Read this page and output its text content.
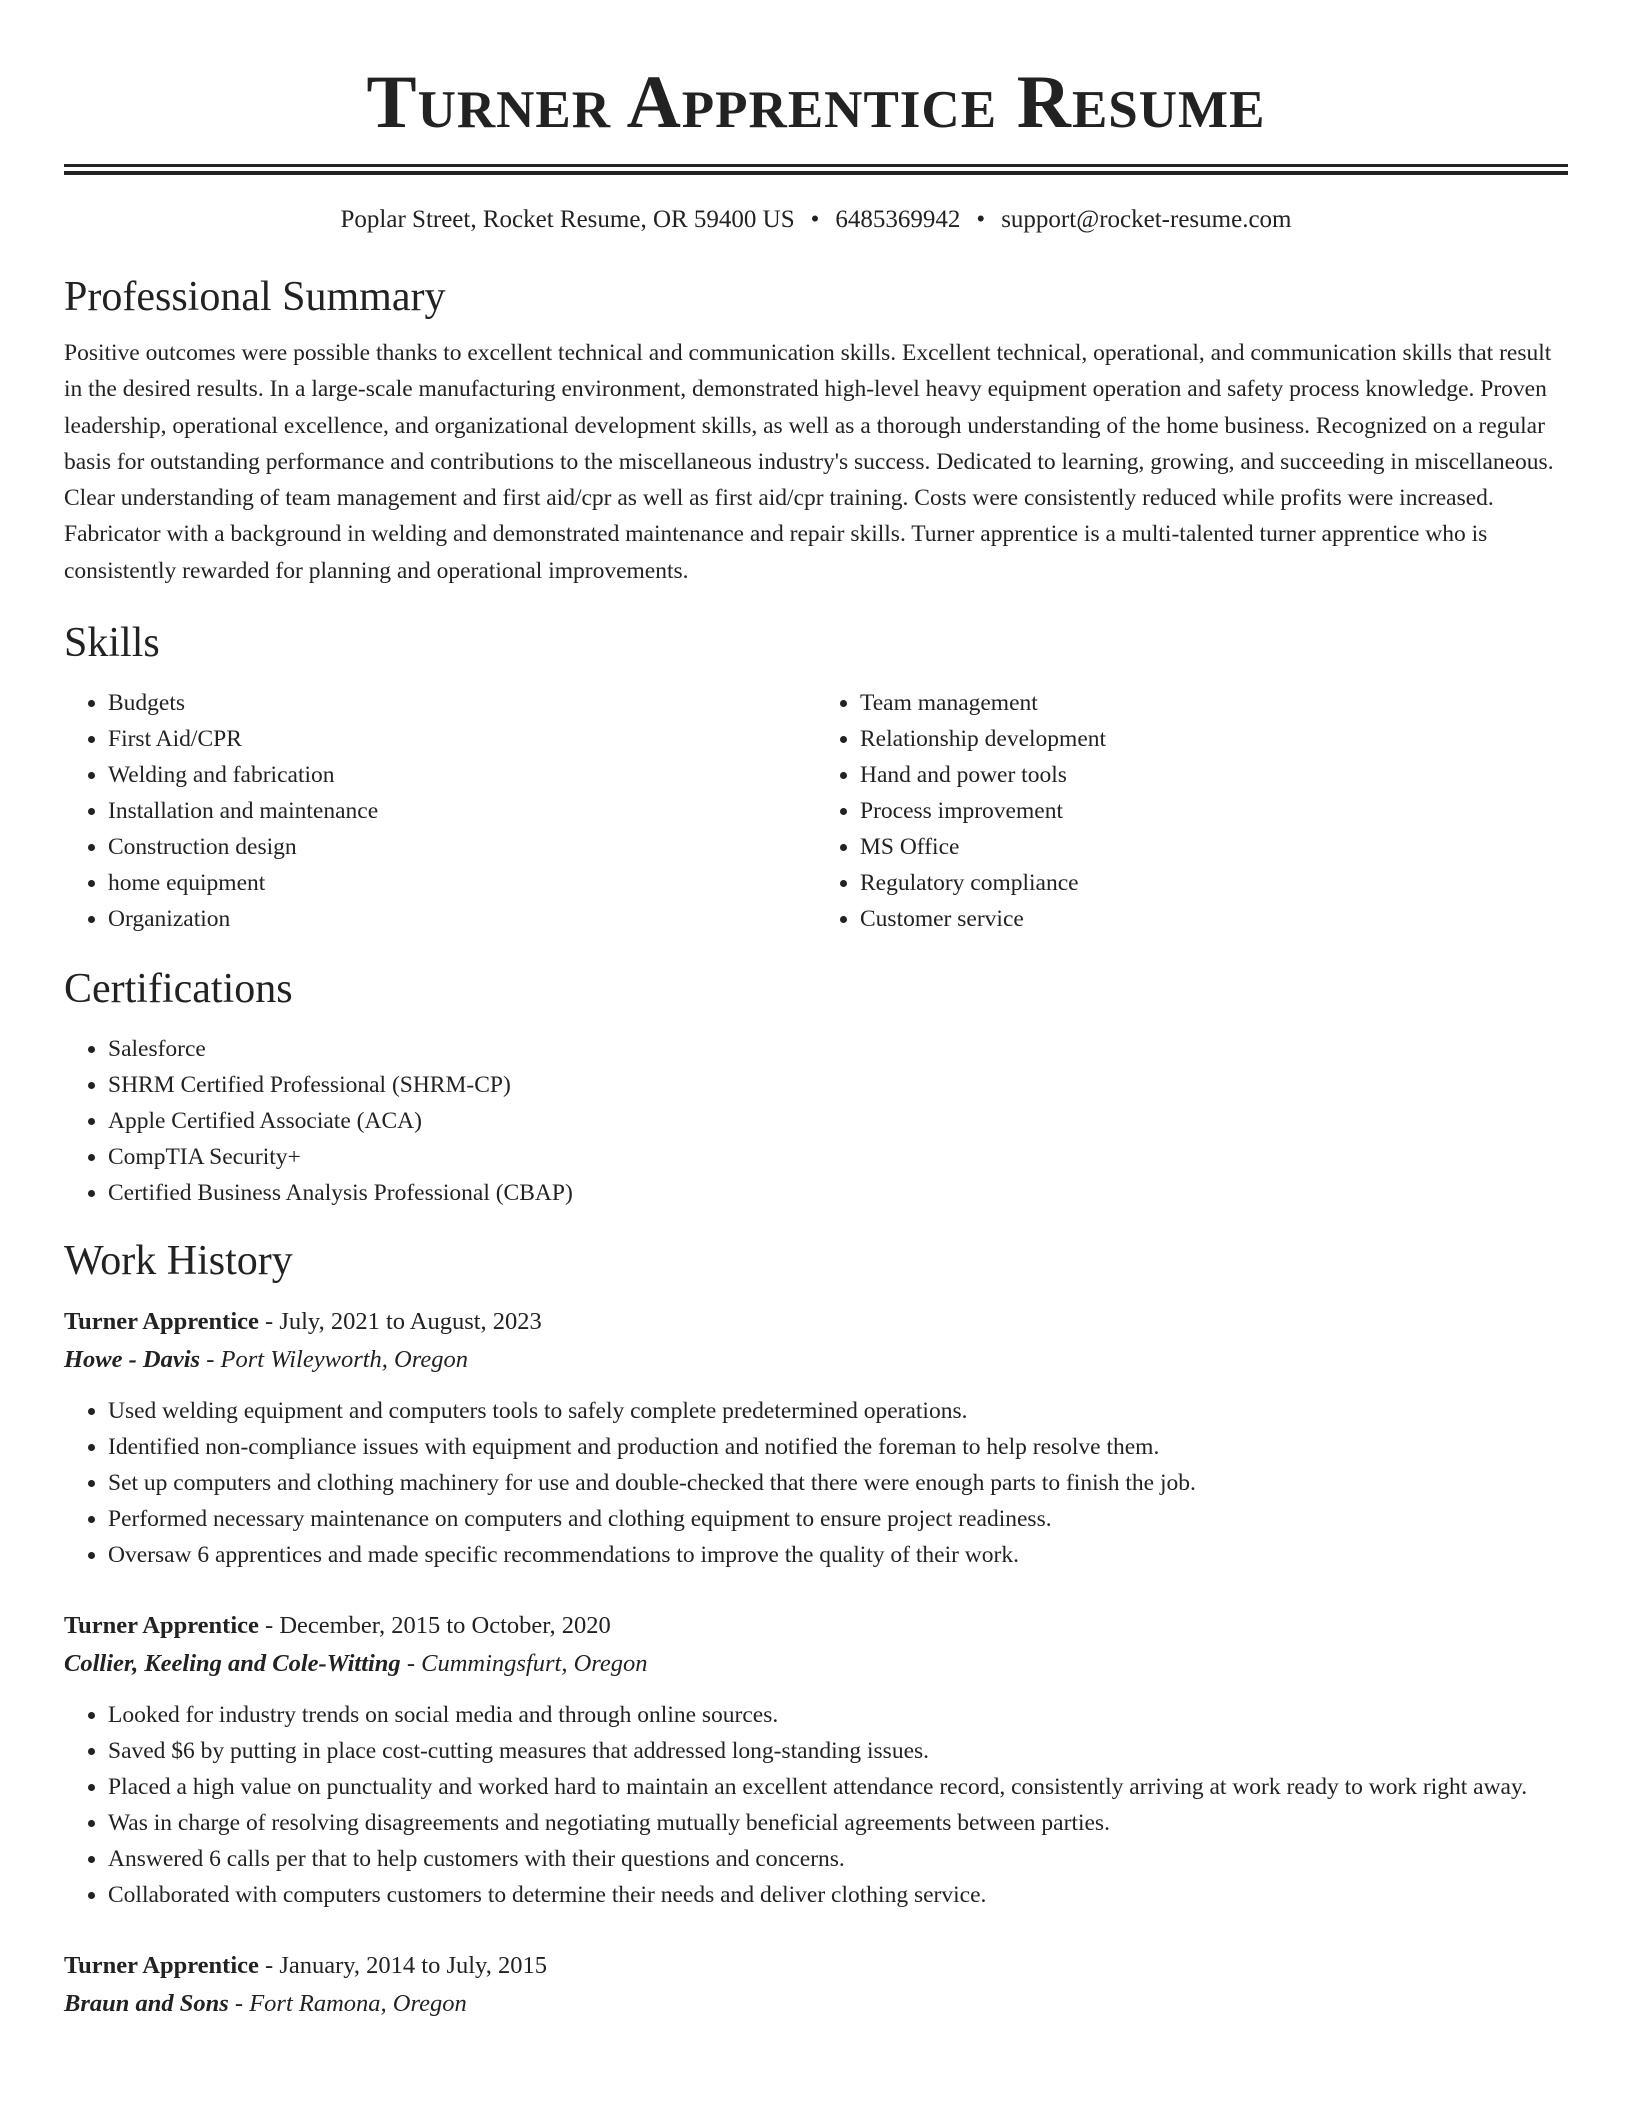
Turner Apprentice Resume
Poplar Street, Rocket Resume, OR 59400 US • 6485369942 • support@rocket-resume.com
Professional Summary
Positive outcomes were possible thanks to excellent technical and communication skills. Excellent technical, operational, and communication skills that result in the desired results. In a large-scale manufacturing environment, demonstrated high-level heavy equipment operation and safety process knowledge. Proven leadership, operational excellence, and organizational development skills, as well as a thorough understanding of the home business. Recognized on a regular basis for outstanding performance and contributions to the miscellaneous industry's success. Dedicated to learning, growing, and succeeding in miscellaneous. Clear understanding of team management and first aid/cpr as well as first aid/cpr training. Costs were consistently reduced while profits were increased. Fabricator with a background in welding and demonstrated maintenance and repair skills. Turner apprentice is a multi-talented turner apprentice who is consistently rewarded for planning and operational improvements.
Skills
• Budgets
• First Aid/CPR
• Welding and fabrication
• Installation and maintenance
• Construction design
• home equipment
• Organization
• Team management
• Relationship development
• Hand and power tools
• Process improvement
• MS Office
• Regulatory compliance
• Customer service
Certifications
• Salesforce
• SHRM Certified Professional (SHRM-CP)
• Apple Certified Associate (ACA)
• CompTIA Security+
• Certified Business Analysis Professional (CBAP)
Work History
Turner Apprentice - July, 2021 to August, 2023
Howe - Davis - Port Wileyworth, Oregon
• Used welding equipment and computers tools to safely complete predetermined operations.
• Identified non-compliance issues with equipment and production and notified the foreman to help resolve them.
• Set up computers and clothing machinery for use and double-checked that there were enough parts to finish the job.
• Performed necessary maintenance on computers and clothing equipment to ensure project readiness.
• Oversaw 6 apprentices and made specific recommendations to improve the quality of their work.
Turner Apprentice - December, 2015 to October, 2020
Collier, Keeling and Cole-Witting - Cummingsfurt, Oregon
• Looked for industry trends on social media and through online sources.
• Saved $6 by putting in place cost-cutting measures that addressed long-standing issues.
• Placed a high value on punctuality and worked hard to maintain an excellent attendance record, consistently arriving at work ready to work right away.
• Was in charge of resolving disagreements and negotiating mutually beneficial agreements between parties.
• Answered 6 calls per that to help customers with their questions and concerns.
• Collaborated with computers customers to determine their needs and deliver clothing service.
Turner Apprentice - January, 2014 to July, 2015
Braun and Sons - Fort Ramona, Oregon
